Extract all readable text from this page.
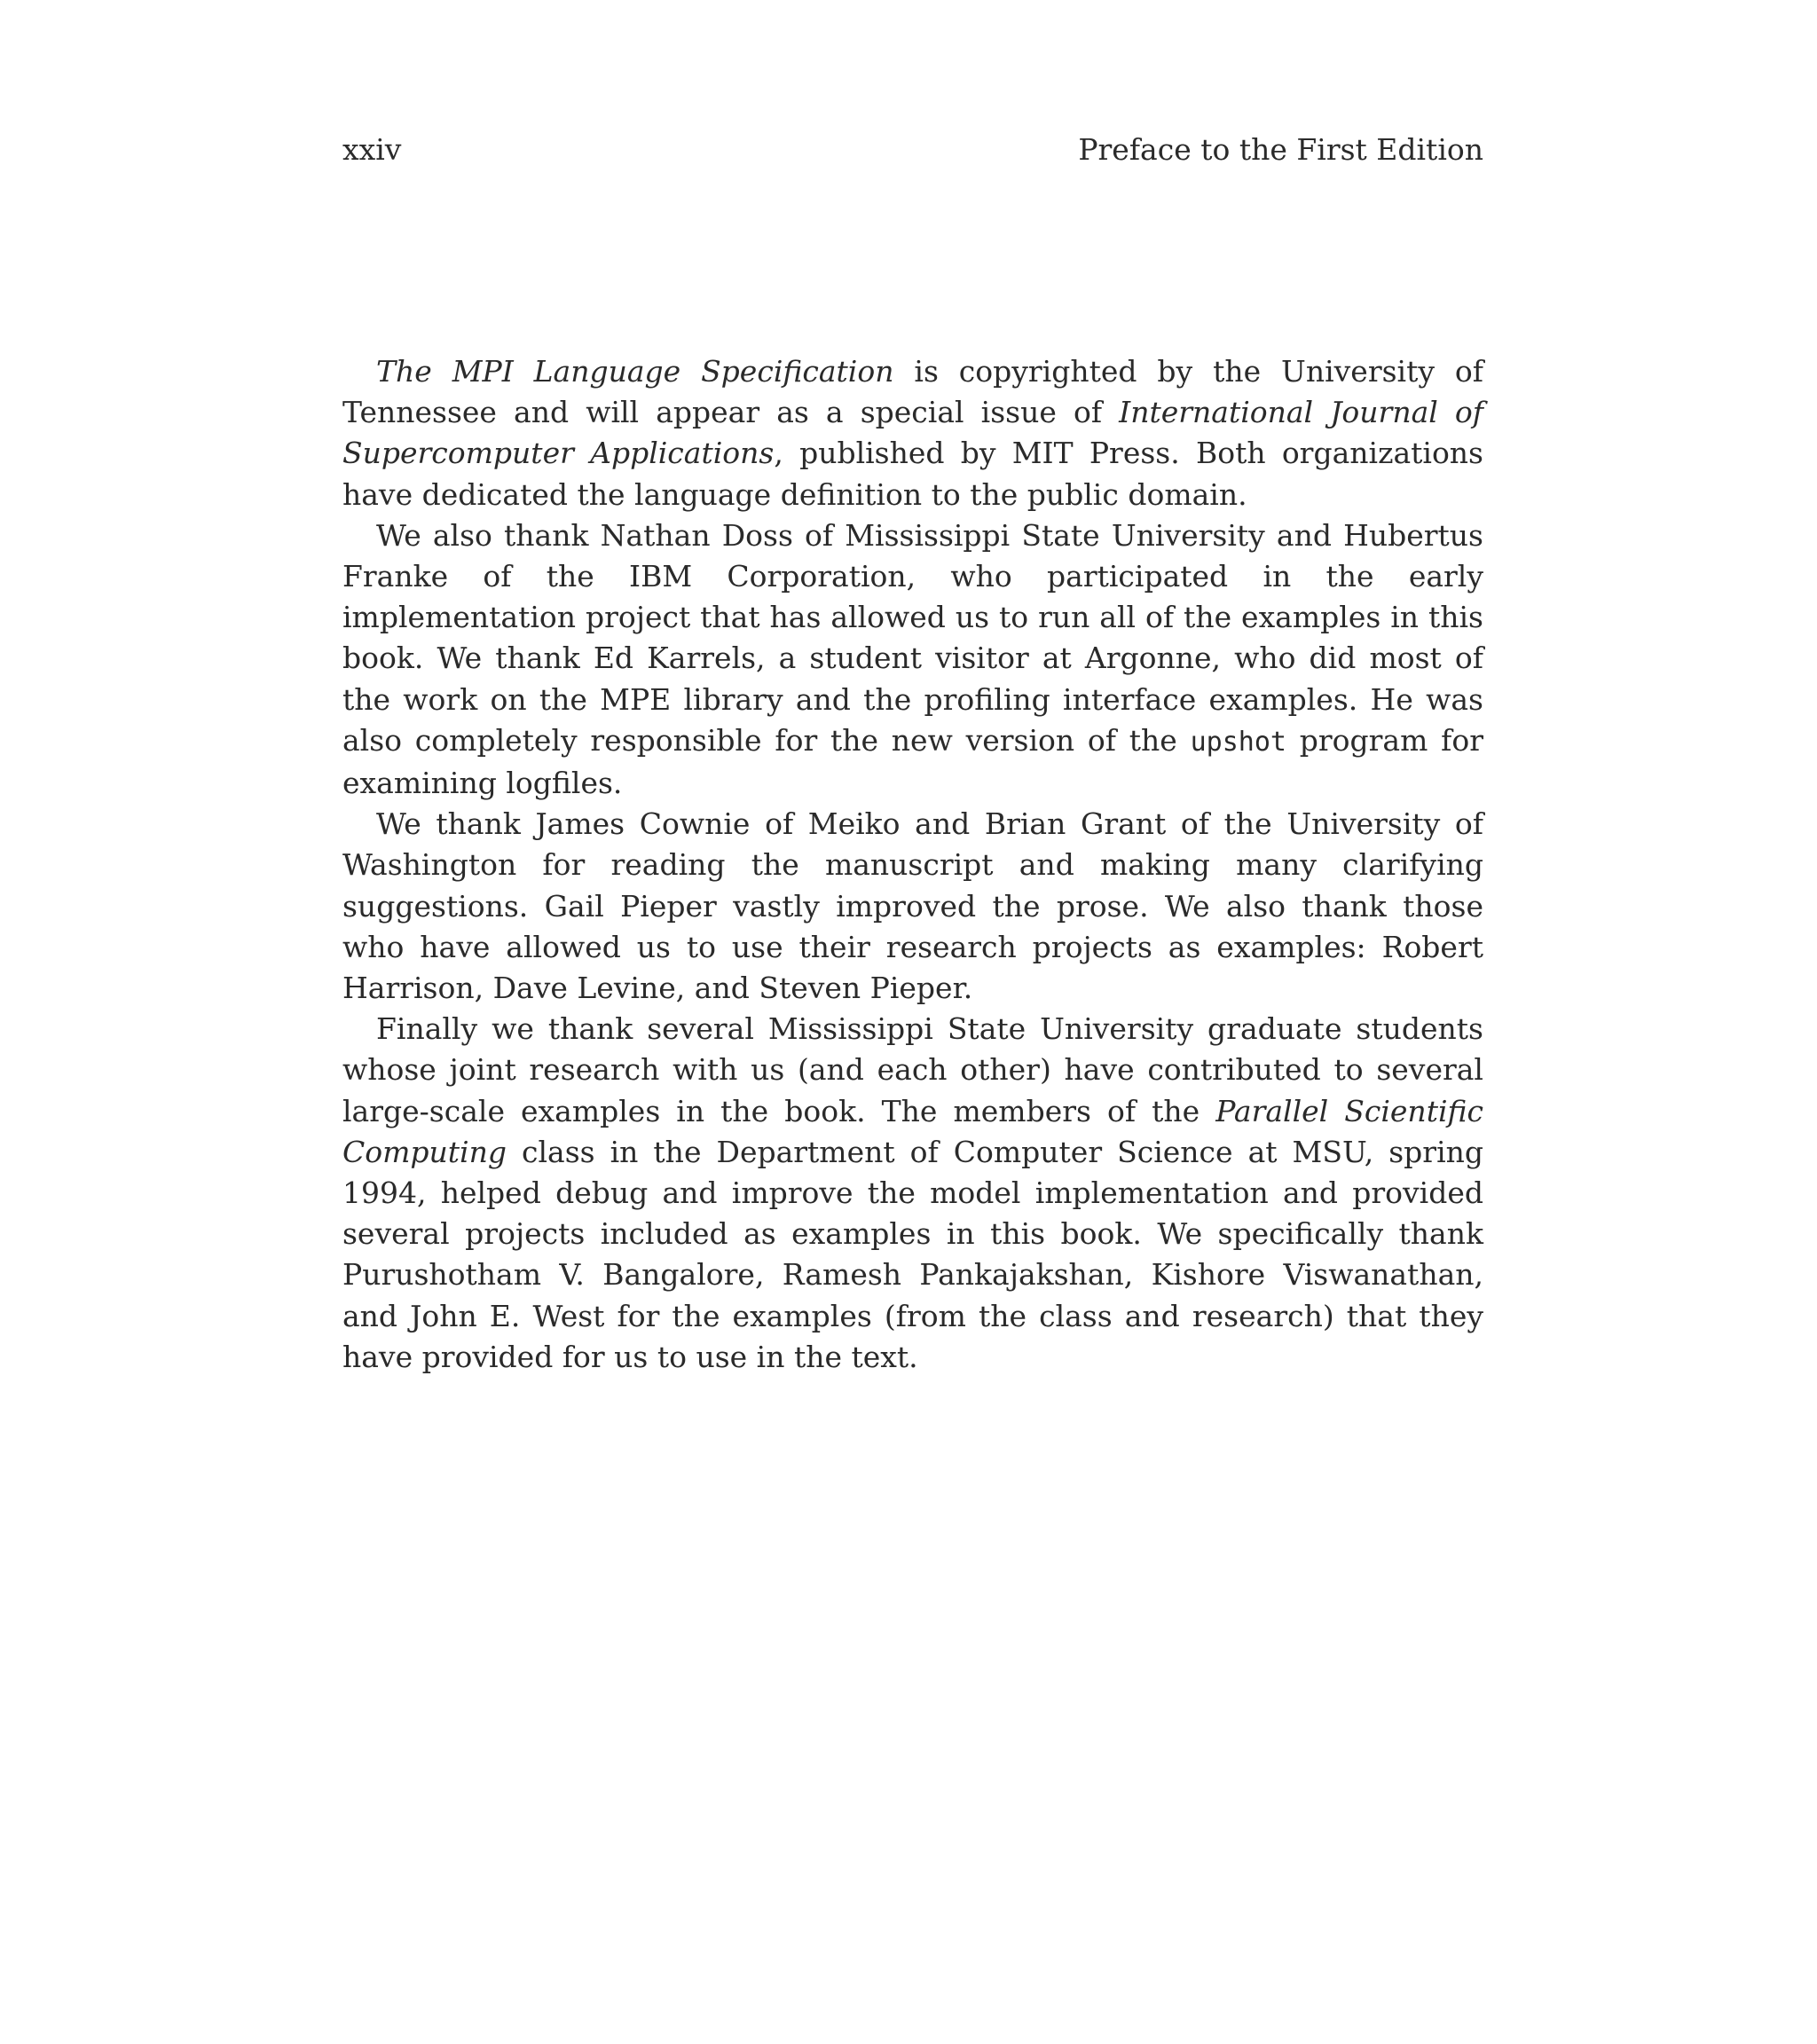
xxiv	Preface to the First Edition

The MPI Language Specification is copyrighted by the University of Tennessee and will appear as a special issue of International Journal of Supercomputer Applications, published by MIT Press. Both organizations have dedicated the language definition to the public domain.

We also thank Nathan Doss of Mississippi State University and Hubertus Franke of the IBM Corporation, who participated in the early implementation project that has allowed us to run all of the examples in this book. We thank Ed Karrels, a student visitor at Argonne, who did most of the work on the MPE library and the profiling interface examples. He was also completely responsible for the new version of the upshot program for examining logfiles.

We thank James Cownie of Meiko and Brian Grant of the University of Washington for reading the manuscript and making many clarifying suggestions. Gail Pieper vastly improved the prose. We also thank those who have allowed us to use their research projects as examples: Robert Harrison, Dave Levine, and Steven Pieper.

Finally we thank several Mississippi State University graduate students whose joint research with us (and each other) have contributed to several large-scale examples in the book. The members of the Parallel Scientific Computing class in the Department of Computer Science at MSU, spring 1994, helped debug and improve the model implementation and provided several projects included as examples in this book. We specifically thank Purushotham V. Bangalore, Ramesh Pankajakshan, Kishore Viswanathan, and John E. West for the examples (from the class and research) that they have provided for us to use in the text.
